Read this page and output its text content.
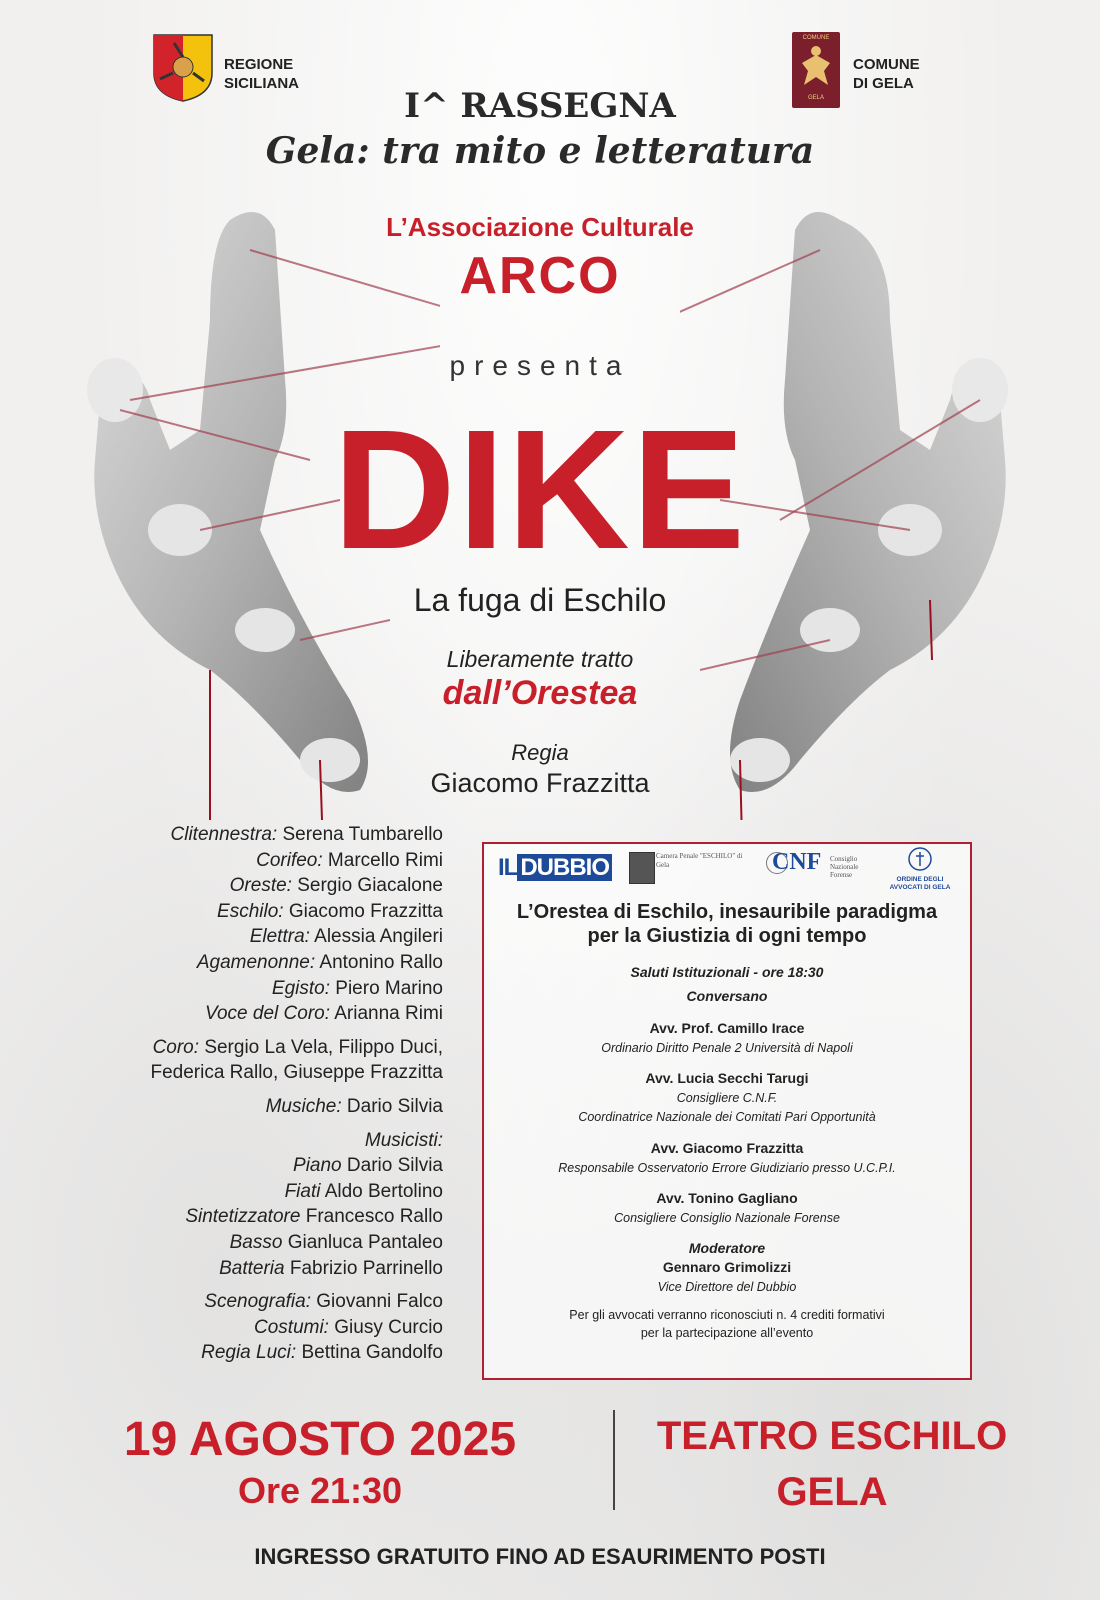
REGIONE
SICILIANA
COMUNE
GELA
COMUNE
DI GELA
I^ RASSEGNA
Gela: tra mito e letteratura
L’Associazione Culturale
ARCO
presenta
DIKE
La fuga di Eschilo
Liberamente tratto
dall’Orestea
Regia
Giacomo Frazzitta
Clitennestra: Serena Tumbarello
Corifeo: Marcello Rimi
Oreste: Sergio Giacalone
Eschilo: Giacomo Frazzitta
Elettra: Alessia Angileri
Agamenonne: Antonino Rallo
Egisto: Piero Marino
Voce del Coro: Arianna Rimi
Coro: Sergio La Vela, Filippo Duci,
Federica Rallo, Giuseppe Frazzitta
Musiche: Dario Silvia
Musicisti:
Piano Dario Silvia
Fiati Aldo Bertolino
Sintetizzatore Francesco Rallo
Basso Gianluca Pantaleo
Batteria Fabrizio Parrinello
Scenografia: Giovanni Falco
Costumi: Giusy Curcio
Regia Luci: Bettina Gandolfo
IL DUBBIO	Camera Penale "ESCHILO" di Gela	CNF Consiglio
Nazionale
Forense
ORDINE DEGLI
AVVOCATI DI GELA
L’Orestea di Eschilo, inesauribile paradigma
per la Giustizia di ogni tempo
Saluti Istituzionali - ore 18:30
Conversano
Avv. Prof. Camillo Irace
Ordinario Diritto Penale 2 Università di Napoli
Avv. Lucia Secchi Tarugi
Consigliere C.N.F.
Coordinatrice Nazionale dei Comitati Pari Opportunità
Avv. Giacomo Frazzitta
Responsabile Osservatorio Errore Giudiziario presso U.C.P.I.
Avv. Tonino Gagliano
Consigliere Consiglio Nazionale Forense
Moderatore
Gennaro Grimolizzi
Vice Direttore del Dubbio
Per gli avvocati verranno riconosciuti n. 4 crediti formativi
per la partecipazione all’evento
19 AGOSTO 2025
Ore 21:30
TEATRO ESCHILO
GELA
INGRESSO GRATUITO FINO AD ESAURIMENTO POSTI
